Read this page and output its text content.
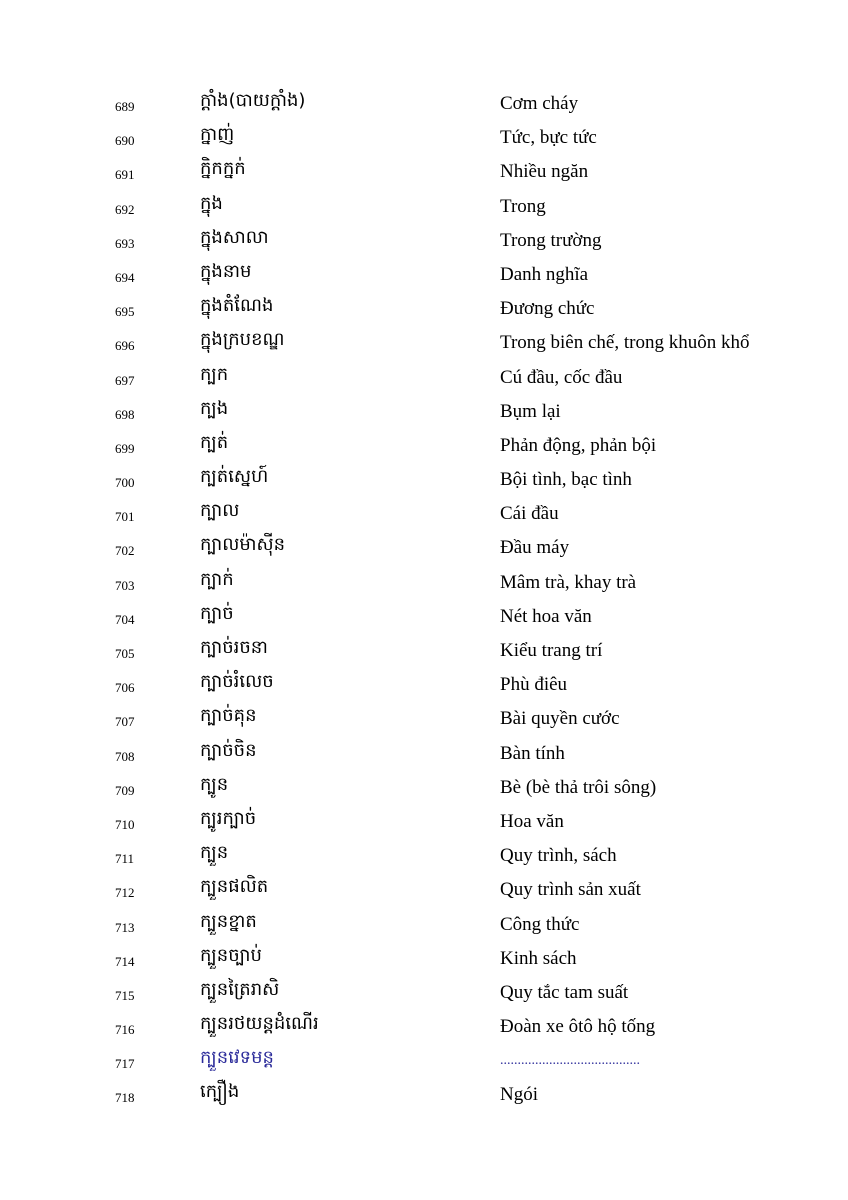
689	ក្តាំង(បាយក្តាំង)	Cơm cháy
690	ក្នាញ់	Tức, bực tức
691	ក្និកក្នក់	Nhiều ngăn
692	ក្នុង	Trong
693	ក្នុងសាលា	Trong trường
694	ក្នុងនាម	Danh nghĩa
695	ក្នុងតំណែង	Đương chức
696	ក្នុងក្របខណ្ឌ	Trong biên chế, trong khuôn khổ
697	ក្បក	Cú đầu, cốc đầu
698	ក្បង	Bụm lại
699	ក្បត់	Phản động, phản bội
700	ក្បត់ស្នេហ៍	Bội tình, bạc tình
701	ក្បាល	Cái đầu
702	ក្បាលម៉ាស៊ីន	Đầu máy
703	ក្បាក់	Mâm trà, khay trà
704	ក្បាច់	Nét hoa văn
705	ក្បាច់រចនា	Kiểu trang trí
706	ក្បាច់រំលេច	Phù điêu
707	ក្បាច់គុន	Bài quyền cước
708	ក្បាច់ចិន	Bàn tính
709	ក្បូន	Bè (bè thả trôi sông)
710	ក្បូរក្បាច់	Hoa văn
711	ក្បួន	Quy trình, sách
712	ក្បួនផលិត	Quy trình sản xuất
713	ក្បួនខ្នាត	Công thức
714	ក្បួនច្បាប់	Kinh sách
715	ក្បួនត្រៃរាសិ	Quy tắc tam suất
716	ក្បួនរថយន្តដំណើរ	Đoàn xe ôtô hộ tống
717	ក្បួនវេទមន្ត	........................................
718	ក្បឿង	Ngói
